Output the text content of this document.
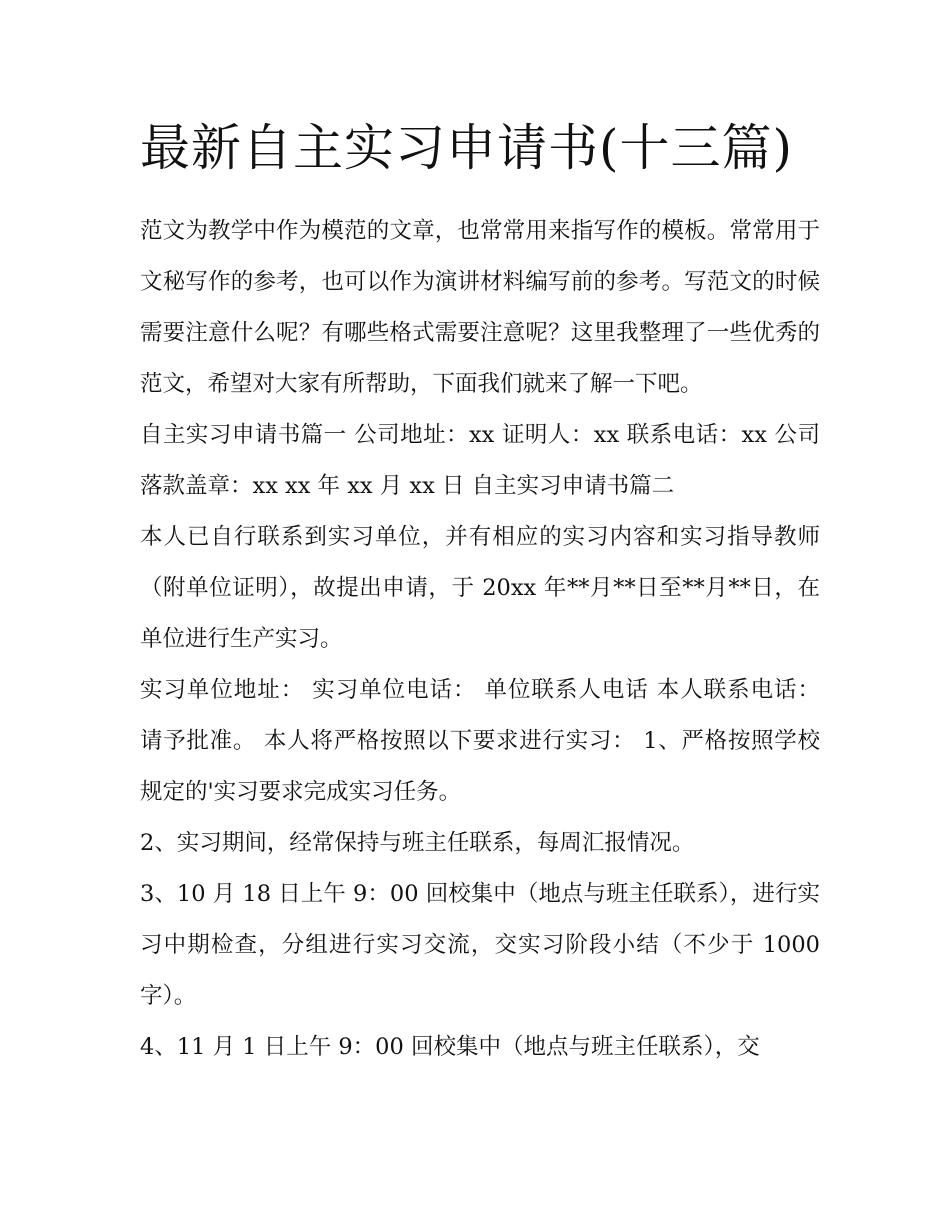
最新自主实习申请书(十三篇)

范文为教学中作为模范的文章，也常常用来指写作的模板。常常用于文秘写作的参考，也可以作为演讲材料编写前的参考。写范文的时候需要注意什么呢？有哪些格式需要注意呢？这里我整理了一些优秀的范文，希望对大家有所帮助，下面我们就来了解一下吧。

自主实习申请书篇一 公司地址：xx 证明人：xx 联系电话：xx 公司落款盖章：xx xx 年 xx 月 xx 日 自主实习申请书篇二

本人已自行联系到实习单位，并有相应的实习内容和实习指导教师（附单位证明），故提出申请，于 20xx 年**月**日至**月**日，在单位进行生产实习。

实习单位地址： 实习单位电话： 单位联系人电话 本人联系电话： 请予批准。 本人将严格按照以下要求进行实习： 1、严格按照学校规定的'实习要求完成实习任务。

2、实习期间，经常保持与班主任联系，每周汇报情况。

3、10 月 18 日上午 9：00 回校集中（地点与班主任联系），进行实习中期检查，分组进行实习交流，交实习阶段小结（不少于 1000 字）。

4、11 月 1 日上午 9：00 回校集中（地点与班主任联系），交
